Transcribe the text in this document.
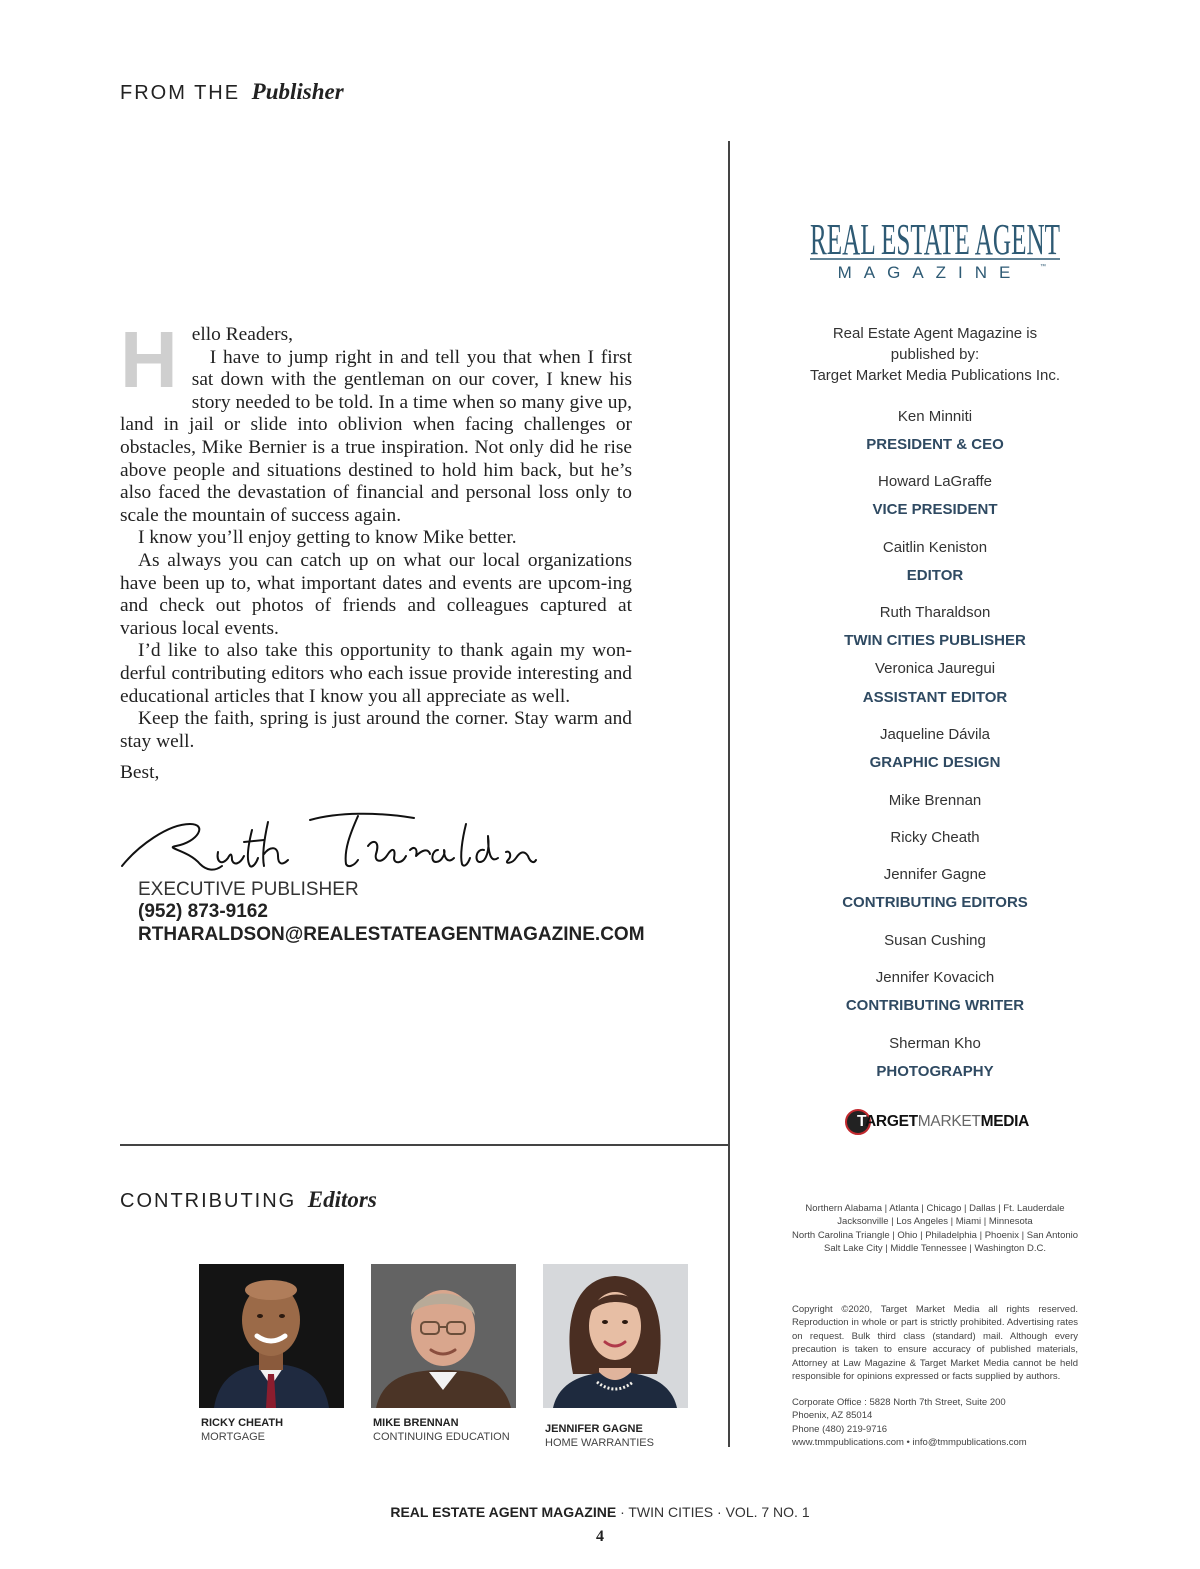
FROM THE Publisher
H ello Readers,

I have to jump right in and tell you that when I first sat down with the gentleman on our cover, I knew his story needed to be told. In a time when so many give up, land in jail or slide into oblivion when facing challenges or obstacles, Mike Bernier is a true inspiration. Not only did he rise above people and situations destined to hold him back, but he’s also faced the devastation of financial and personal loss only to scale the mountain of success again.

I know you’ll enjoy getting to know Mike better.

As always you can catch up on what our local organizations have been up to, what important dates and events are upcom-ing and check out photos of friends and colleagues captured at various local events.

I’d like to also take this opportunity to thank again my won-derful contributing editors who each issue provide interesting and educational articles that I know you all appreciate as well.

Keep the faith, spring is just around the corner. Stay warm and stay well.

Best,
EXECUTIVE PUBLISHER
(952) 873-9162
RTHARALDSON@REALESTATEAGENTMAGAZINE.COM
REAL ESTATE AGENT
MAGAZINE	™
Real Estate Agent Magazine is
published by:
Target Market Media Publications Inc.
Ken Minniti
PRESIDENT & CEO
Howard LaGraffe
VICE PRESIDENT
Caitlin Keniston
EDITOR
Ruth Tharaldson
TWIN CITIES PUBLISHER
Veronica Jauregui
ASSISTANT EDITOR
Jaqueline Dávila
GRAPHIC DESIGN
Mike Brennan
Ricky Cheath
Jennifer Gagne
CONTRIBUTING EDITORS
Susan Cushing
Jennifer Kovacich
CONTRIBUTING WRITER
Sherman Kho
PHOTOGRAPHY
TARGETMARKETMEDIA
Northern Alabama | Atlanta | Chicago | Dallas | Ft. Lauderdale
Jacksonville | Los Angeles | Miami | Minnesota
North Carolina Triangle | Ohio | Philadelphia | Phoenix | San Antonio
Salt Lake City | Middle Tennessee | Washington D.C.

Copyright ©2020, Target Market Media all rights reserved. Reproduction in whole or part is strictly prohibited. Advertising rates on request. Bulk third class (standard) mail. Although every precaution is taken to ensure accuracy of published materials, Attorney at Law Magazine & Target Market Media cannot be held responsible for opinions expressed or facts supplied by authors.

Corporate Office : 5828 North 7th Street, Suite 200
Phoenix, AZ 85014
Phone (480) 219-9716
www.tmmpublications.com • info@tmmpublications.com
CONTRIBUTING Editors
RICKY CHEATH
MORTGAGE
MIKE BRENNAN
CONTINUING EDUCATION
JENNIFER GAGNE
HOME WARRANTIES
REAL ESTATE AGENT MAGAZINE · TWIN CITIES · VOL. 7 NO. 1
4
